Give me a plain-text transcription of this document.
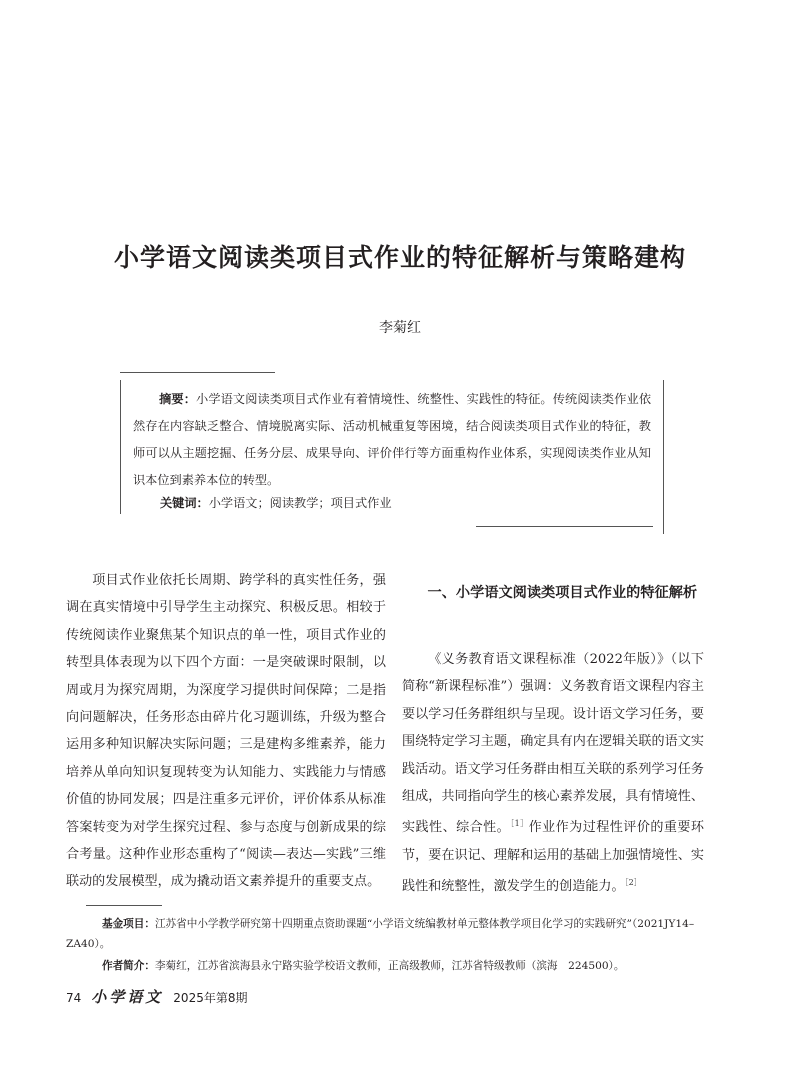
小学语文阅读类项目式作业的特征解析与策略建构
李菊红
摘要：小学语文阅读类项目式作业有着情境性、统整性、实践性的特征。传统阅读类作业依然存在内容缺乏整合、情境脱离实际、活动机械重复等困境，结合阅读类项目式作业的特征，教师可以从主题挖掘、任务分层、成果导向、评价伴行等方面重构作业体系，实现阅读类作业从知识本位到素养本位的转型。
关键词：小学语文；阅读教学；项目式作业

项目式作业依托长周期、跨学科的真实性任务，强调在真实情境中引导学生主动探究、积极反思。相较于传统阅读作业聚焦某个知识点的单一性，项目式作业的转型具体表现为以下四个方面：一是突破课时限制，以周或月为探究周期，为深度学习提供时间保障；二是指向问题解决，任务形态由碎片化习题训练，升级为整合运用多种知识解决实际问题；三是建构多维素养，能力培养从单向知识复现转变为认知能力、实践能力与情感价值的协同发展；四是注重多元评价，评价体系从标准答案转变为对学生探究过程、参与态度与创新成果的综合考量。这种作业形态重构了“阅读—表达—实践”三维联动的发展模型，成为撬动语文素养提升的重要支点。

一、小学语文阅读类项目式作业的特征解析

《义务教育语文课程标准（2022年版）》（以下简称“新课程标准”）强调：义务教育语文课程内容主要以学习任务群组织与呈现。设计语文学习任务，要围绕特定学习主题，确定具有内在逻辑关联的语文实践活动。语文学习任务群由相互关联的系列学习任务组成，共同指向学生的核心素养发展，具有情境性、实践性、综合性。$^{[1]}$作业作为过程性评价的重要环节，要在识记、理解和运用的基础上加强情境性、实践性和统整性，激发学生的创造能力。$^{[2]}$

基金项目：江苏省中小学教学研究第十四期重点资助课题“小学语文统编教材单元整体教学项目化学习的实践研究”（2021JY14–ZA40）。
作者简介：李菊红，江苏省滨海县永宁路实验学校语文教师，正高级教师，江苏省特级教师（滨海　224500）。
74 小学语文 2025年第8期
